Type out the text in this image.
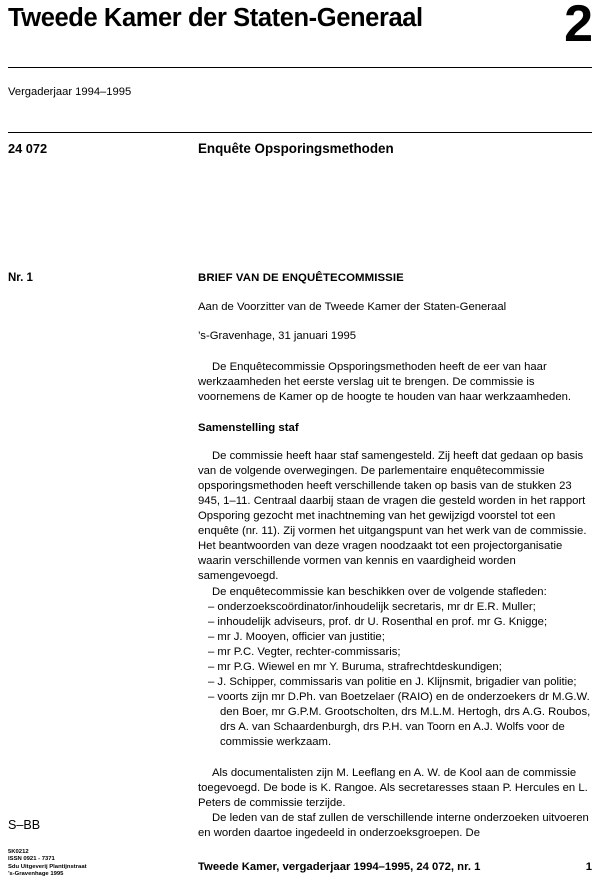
Tweede Kamer der Staten-Generaal	2
Vergaderjaar 1994–1995
24 072	Enquête Opsporingsmethoden
Nr. 1	BRIEF VAN DE ENQUÊTECOMMISSIE
Aan de Voorzitter van de Tweede Kamer der Staten-Generaal
’s-Gravenhage, 31 januari 1995

De Enquêtecommissie Opsporingsmethoden heeft de eer van haar werkzaamheden het eerste verslag uit te brengen. De commissie is voornemens de Kamer op de hoogte te houden van haar werkzaamheden.

Samenstelling staf

De commissie heeft haar staf samengesteld. Zij heeft dat gedaan op basis van de volgende overwegingen. De parlementaire enquêtecommissie opsporingsmethoden heeft verschillende taken op basis van de stukken 23 945, 1–11. Centraal daarbij staan de vragen die gesteld worden in het rapport Opsporing gezocht met inachtneming van het gewijzigd voorstel tot een enquête (nr. 11). Zij vormen het uitgangspunt van het werk van de commissie. Het beantwoorden van deze vragen noodzaakt tot een projectorganisatie waarin verschillende vormen van kennis en vaardigheid worden samengevoegd.

De enquêtecommissie kan beschikken over de volgende stafleden:

– onderzoekscoördinator/inhoudelijk secretaris, mr dr E.R. Muller;
– inhoudelijk adviseurs, prof. dr U. Rosenthal en prof. mr G. Knigge;
– mr J. Mooyen, officier van justitie;
– mr P.C. Vegter, rechter-commissaris;
– mr P.G. Wiewel en mr Y. Buruma, strafrechtdeskundigen;
– J. Schipper, commissaris van politie en J. Klijnsmit, brigadier van politie;
– voorts zijn mr D.Ph. van Boetzelaer (RAIO) en de onderzoekers dr M.G.W. den Boer, mr G.P.M. Grootscholten, drs M.L.M. Hertogh, drs A.G. Roubos, drs A. van Schaardenburgh, drs P.H. van Toorn en A.J. Wolfs voor de commissie werkzaam.

Als documentalisten zijn M. Leeflang en A. W. de Kool aan de commissie toegevoegd. De bode is K. Rangoe. Als secretaresses staan P. Hercules en L. Peters de commissie terzijde.

De leden van de staf zullen de verschillende interne onderzoeken uitvoeren en worden daartoe ingedeeld in onderzoeksgroepen. De

S–BB
5K0212
ISSN 0921 - 7371
Sdu Uitgeverij Plantijnstraat
’s-Gravenhage 1995
Tweede Kamer, vergaderjaar 1994–1995, 24 072, nr. 1	1
